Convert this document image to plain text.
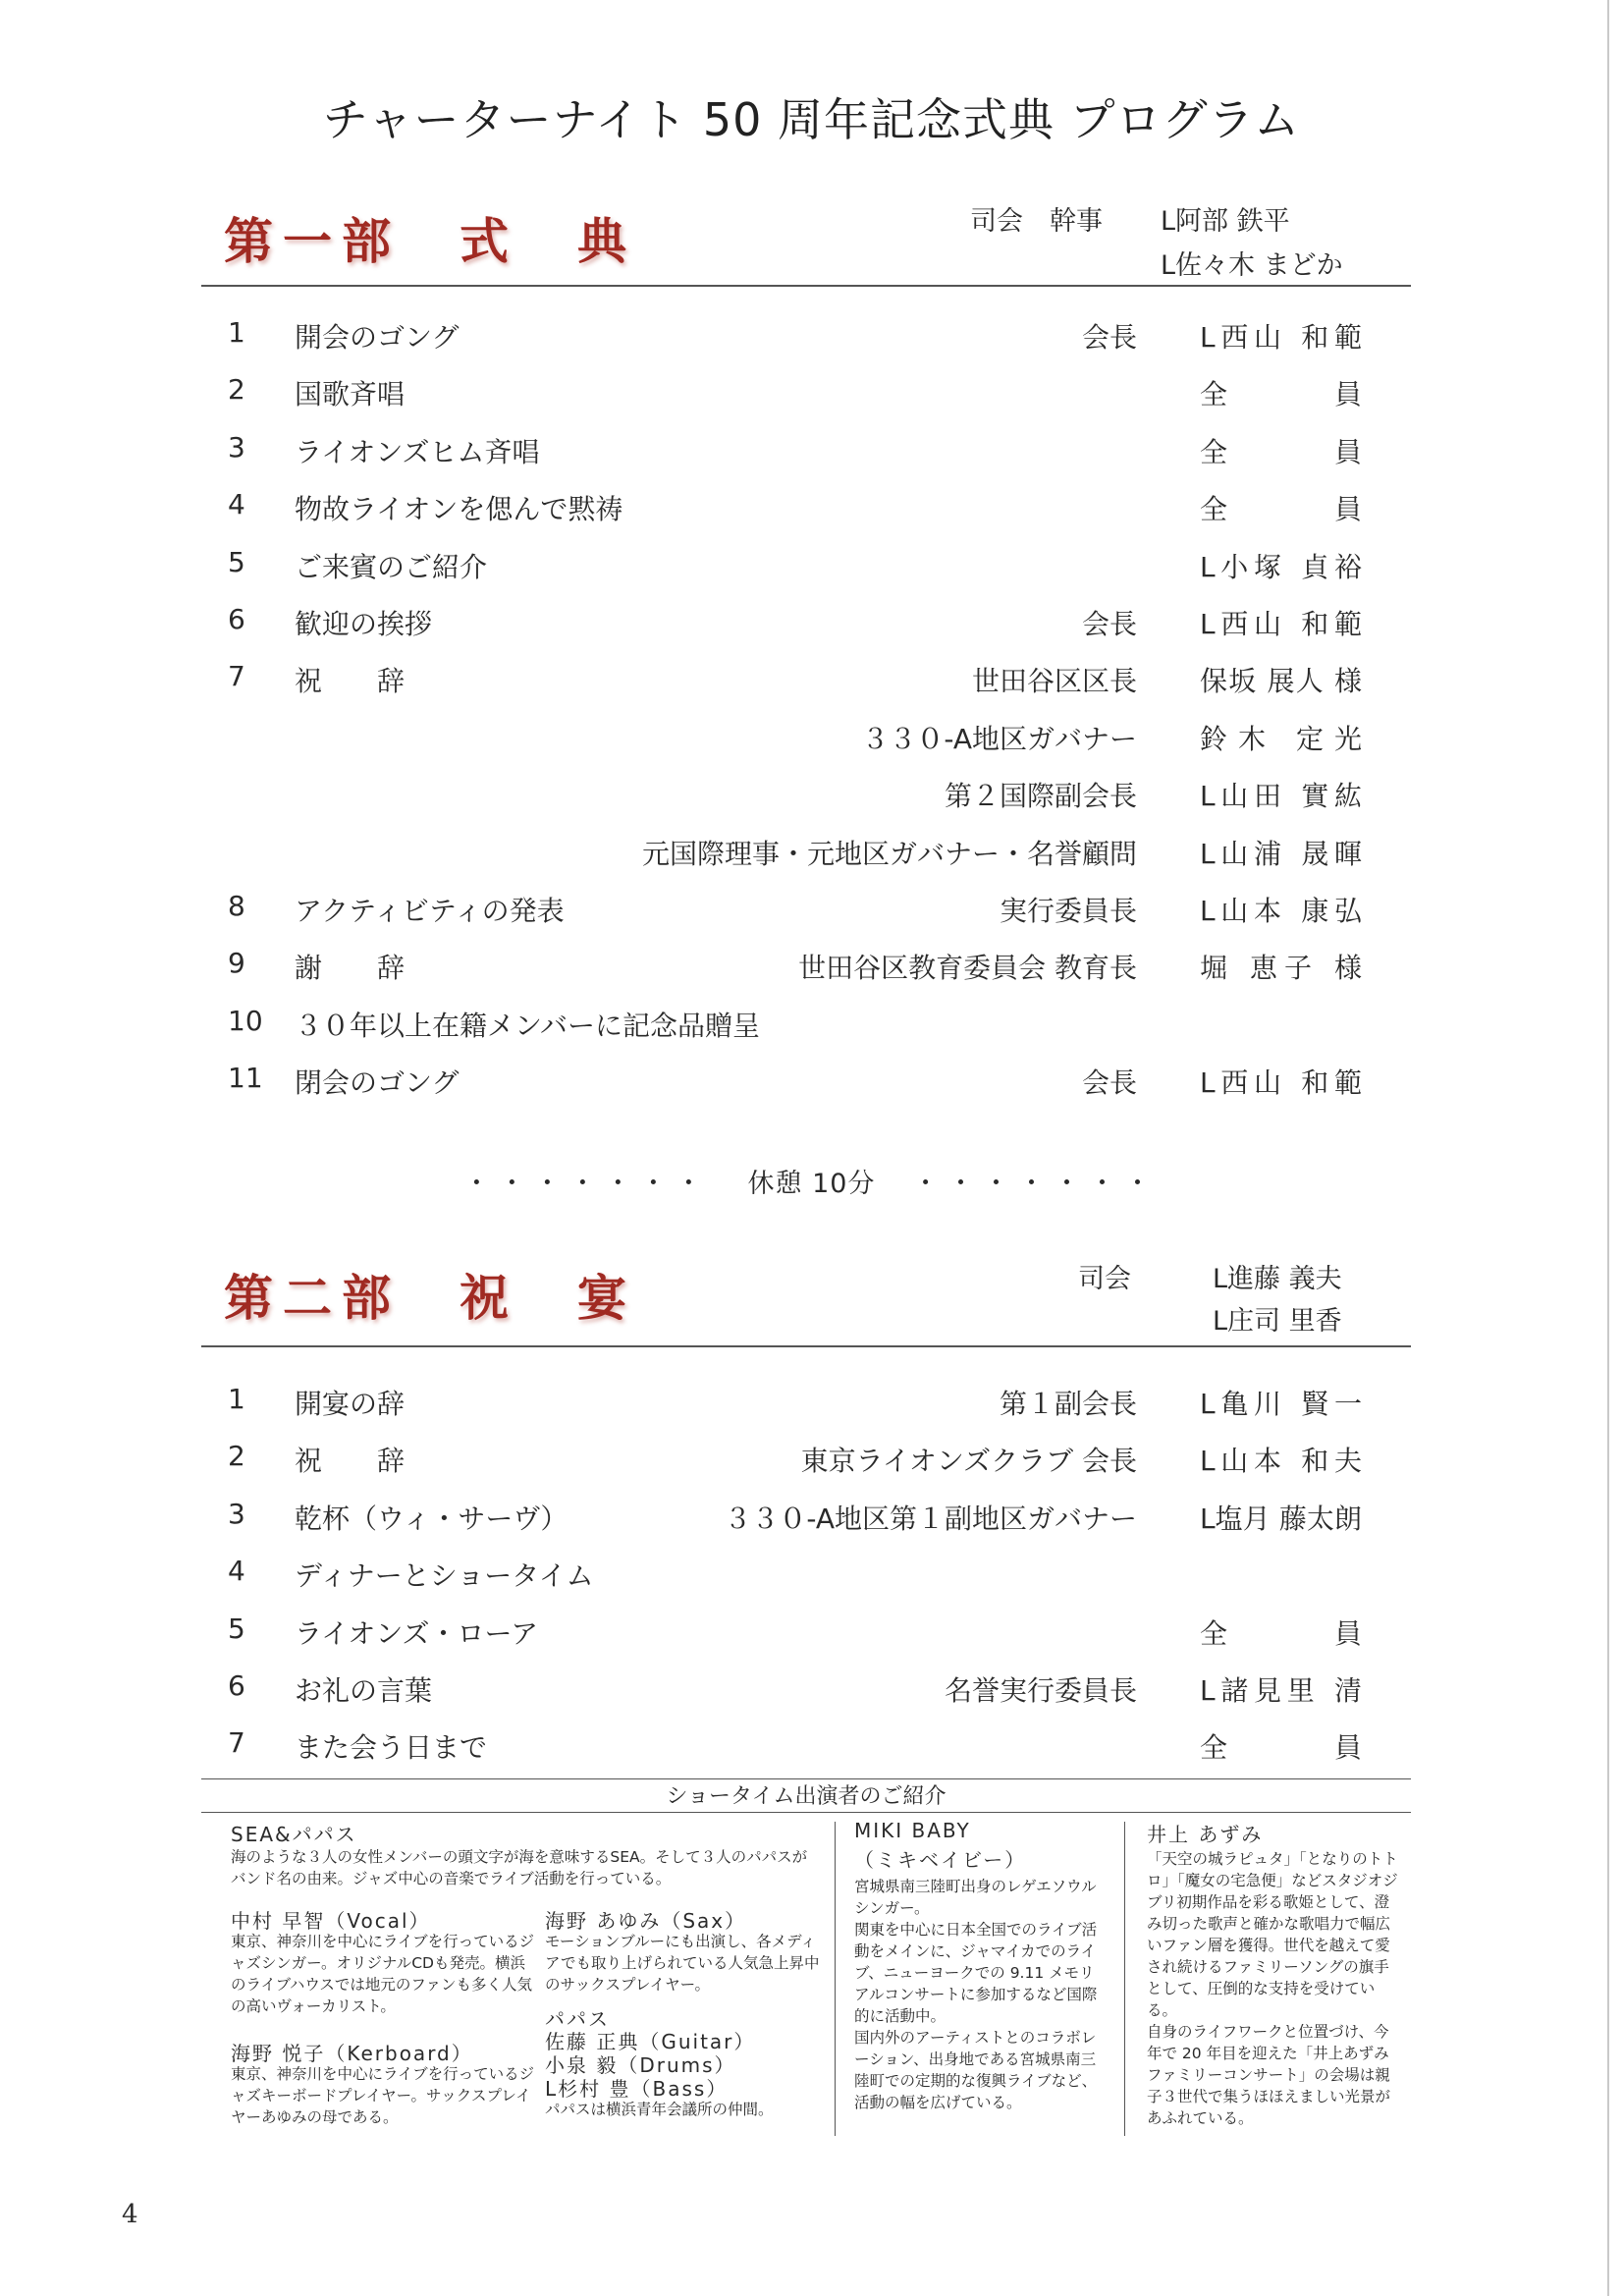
チャーターナイト 50 周年記念式典 プログラム
第一部　式　典	司会　幹事 L阿部 鉄平
L佐々木 まどか
1	開会のゴング	会長 L西山 和範
2	国歌斉唱	全　員
3	ライオンズヒム斉唱	全　員
4	物故ライオンを偲んで黙祷	全　員
5	ご来賓のご紹介	L小塚 貞裕
6	歓迎の挨拶	会長 L西山 和範
7	祝　　辞	世田谷区区長 保坂 展人 様
３３０-A地区ガバナー 鈴木 定光
第２国際副会長 L山田 實紘
元国際理事・元地区ガバナー・名誉顧問 L山浦 晟暉
8	アクティビティの発表	実行委員長 L山本 康弘
9	謝　　辞	世田谷区教育委員会 教育長 堀 恵子 様
10	３０年以上在籍メンバーに記念品贈呈
11	閉会のゴング	会長 L西山 和範
・・・・・・・ 休憩 10分 ・・・・・・・
第二部　祝　宴	司会	L進藤 義夫
L庄司 里香
1	開宴の辞	第１副会長 L亀川 賢一
2	祝　　辞	東京ライオンズクラブ 会長 L山本 和夫
3	乾杯（ウィ・サーヴ）	３３０-A地区第１副地区ガバナー L塩月 藤太朗
4	ディナーとショータイム
5	ライオンズ・ローア	全　員
6	お礼の言葉	名誉実行委員長 L諸見里 清
7	また会う日まで	全　員
ショータイム出演者のご紹介
SEA&パパス
海のような３人の女性メンバーの頭文字が海を意味するSEA。そして３人のパパスがバンド名の由来。ジャズ中心の音楽でライブ活動を行っている。
中村 早智（Vocal）
東京、神奈川を中心にライブを行っているジャズシンガー。オリジナルCDも発売。横浜のライブハウスでは地元のファンも多く人気の高いヴォーカリスト。
海野 悦子（Kerboard）
東京、神奈川を中心にライブを行っているジャズキーボードプレイヤー。サックスプレイヤーあゆみの母である。
海野 あゆみ（Sax）
モーションブルーにも出演し、各メディアでも取り上げられている人気急上昇中のサックスプレイヤー。
パパス
佐藤 正典（Guitar）
小泉 毅（Drums）
L杉村 豊（Bass）
パパスは横浜青年会議所の仲間。
MIKI BABY
（ミキベイビー）
宮城県南三陸町出身のレゲエソウルシンガー。
関東を中心に日本全国でのライブ活動をメインに、ジャマイカでのライブ、ニューヨークでの 9.11 メモリアルコンサートに参加するなど国際的に活動中。
国内外のアーティストとのコラボレーション、出身地である宮城県南三陸町での定期的な復興ライブなど、活動の幅を広げている。
井上 あずみ
「天空の城ラピュタ」「となりのトトロ」「魔女の宅急便」などスタジオジブリ初期作品を彩る歌姫として、澄み切った歌声と確かな歌唱力で幅広いファン層を獲得。世代を越えて愛され続けるファミリーソングの旗手として、圧倒的な支持を受けている。
自身のライフワークと位置づけ、今年で 20 年目を迎えた「井上あずみファミリーコンサート」の会場は親子３世代で集うほほえましい光景があふれている。
4
